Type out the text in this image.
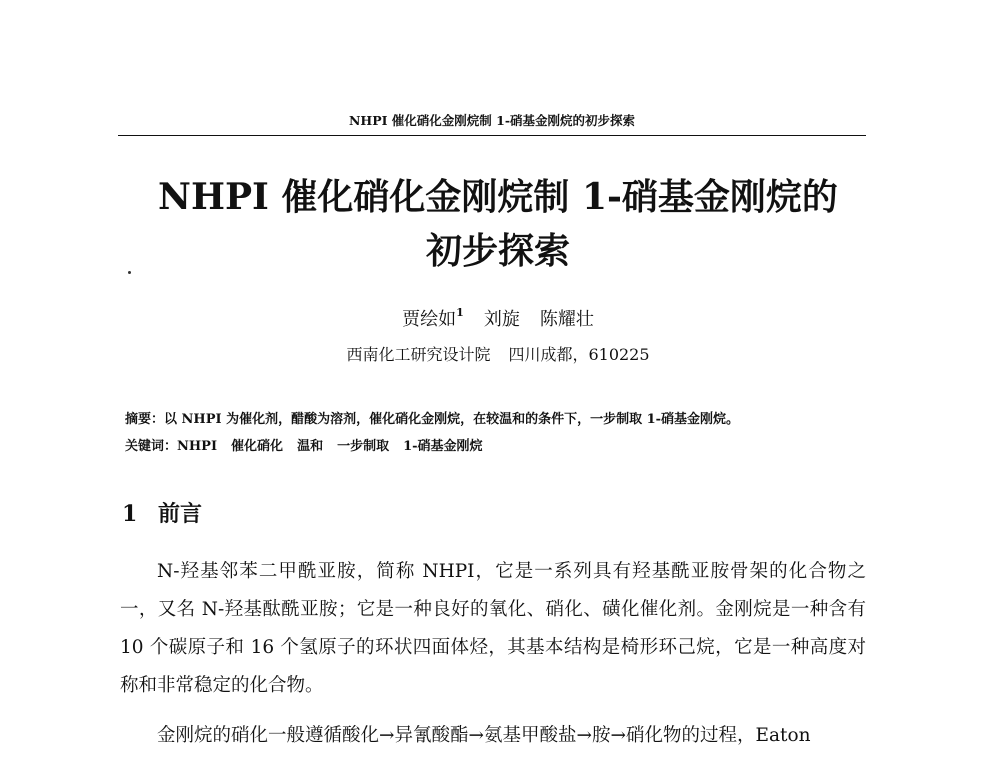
NHPI 催化硝化金刚烷制 1-硝基金刚烷的初步探索
NHPI 催化硝化金刚烷制 1-硝基金刚烷的
初步探索
贾绘如$^1$ 刘旋 陈耀壮
西南化工研究设计院 四川成都，610225
摘要：以 NHPI 为催化剂，醋酸为溶剂，催化硝化金刚烷，在较温和的条件下，一步制取 1-硝基金刚烷。
关键词：NHPI 催化硝化 温和 一步制取 1-硝基金刚烷
1 前言
N-羟基邻苯二甲酰亚胺，简称 NHPI，它是一系列具有羟基酰亚胺骨架的化合物之一，又名 N-羟基酞酰亚胺；它是一种良好的氧化、硝化、磺化催化剂。金刚烷是一种含有 10 个碳原子和 16 个氢原子的环状四面体烃，其基本结构是椅形环己烷，它是一种高度对称和非常稳定的化合物。
金刚烷的硝化一般遵循酸化→异氰酸酯→氨基甲酸盐→胺→硝化物的过程，Eaton
